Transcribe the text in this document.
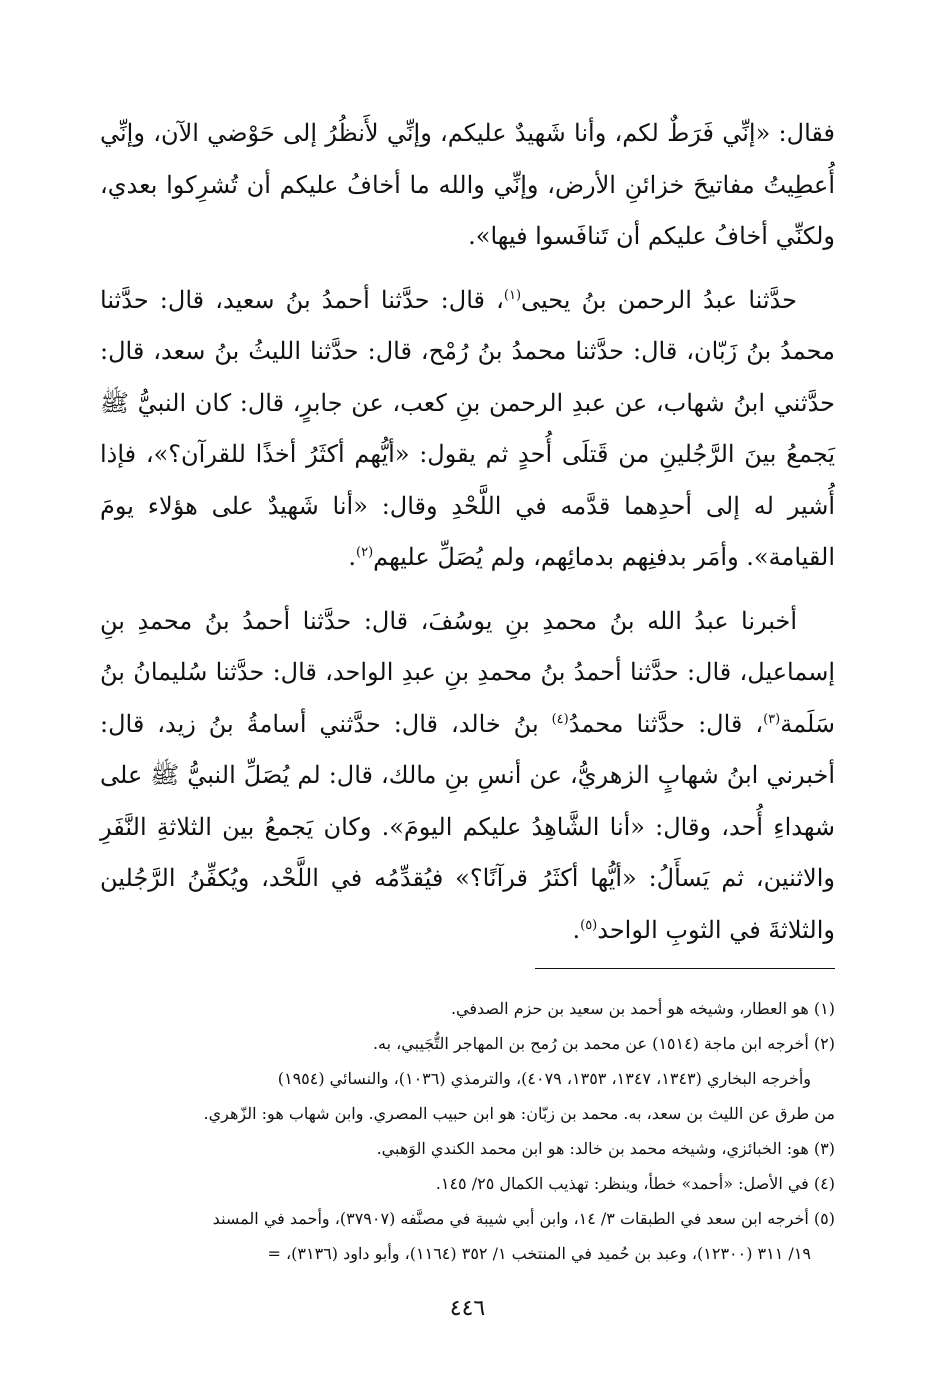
فقال: «إنِّي فَرَطٌ لكم، وأنا شَهيدٌ عليكم، وإنِّي لأَنظُرُ إلى حَوْضي الآن، وإنِّي أُعطِيتُ مفاتيحَ خزائنِ الأرض، وإنِّي والله ما أخافُ عليكم أن تُشرِكوا بعدي، ولكنِّي أخافُ عليكم أن تَنافَسوا فيها».

حدَّثنا عبدُ الرحمن بنُ يحيى$^{(١)}$، قال: حدَّثنا أحمدُ بنُ سعيد، قال: حدَّثنا محمدُ بنُ زَبّان، قال: حدَّثنا محمدُ بنُ رُمْح، قال: حدَّثنا الليثُ بنُ سعد، قال: حدَّثني ابنُ شهاب، عن عبدِ الرحمن بنِ كعب، عن جابرٍ، قال: كان النبيُّ ﷺ يَجمعُ بينَ الرَّجُلينِ من قَتلَى أُحدٍ ثم يقول: «أيُّهم أكثَرُ أخذًا للقرآن؟»، فإذا أُشير له إلى أحدِهما قدَّمه في اللَّحْدِ وقال: «أنا شَهيدٌ على هؤلاء يومَ القيامة». وأمَر بدفنِهم بدمائِهم، ولم يُصَلِّ عليهم$^{(٢)}$.

أخبرنا عبدُ الله بنُ محمدِ بنِ يوسُفَ، قال: حدَّثنا أحمدُ بنُ محمدِ بنِ إسماعيل، قال: حدَّثنا أحمدُ بنُ محمدِ بنِ عبدِ الواحد، قال: حدَّثنا سُليمانُ بنُ سَلَمة$^{(٣)}$، قال: حدَّثنا محمدُ$^{(٤)}$ بنُ خالد، قال: حدَّثني أسامةُ بنُ زيد، قال: أخبرني ابنُ شهابٍ الزهريُّ، عن أنسِ بنِ مالك، قال: لم يُصَلِّ النبيُّ ﷺ على شهداءِ أُحد، وقال: «أنا الشَّاهِدُ عليكم اليومَ». وكان يَجمعُ بين الثلاثةِ النَّفَرِ والاثنين، ثم يَسأَلُ: «أيُّها أكثَرُ قرآنًا؟» فيُقدِّمُه في اللَّحْد، ويُكفِّنُ الرَّجُلين والثلاثةَ في الثوبِ الواحد$^{(٥)}$.

(١) هو العطار، وشيخه هو أحمد بن سعيد بن حزم الصدفي.

(٢) أخرجه ابن ماجة (١٥١٤) عن محمد بن رُمح بن المهاجر التُّجَيبي، به.

وأخرجه البخاري (١٣٤٣، ١٣٤٧، ١٣٥٣، ٤٠٧٩)، والترمذي (١٠٣٦)، والنسائي (١٩٥٤)

من طرق عن الليث بن سعد، به. محمد بن زبّان: هو ابن حبيب المصري. وابن شهاب هو: الزّهري.

(٣) هو: الخبائزي، وشيخه محمد بن خالد: هو ابن محمد الكندي الوَهبي.

(٤) في الأصل: «أحمد» خطأ، وينظر: تهذيب الكمال ٢٥/ ١٤٥.

(٥) أخرجه ابن سعد في الطبقات ٣/ ١٤، وابن أبي شيبة في مصنَّفه (٣٧٩٠٧)، وأحمد في المسند

١٩/ ٣١١ (١٢٣٠٠)، وعبد بن حُميد في المنتخب ١/ ٣٥٢ (١١٦٤)، وأبو داود (٣١٣٦)، =

٤٤٦
